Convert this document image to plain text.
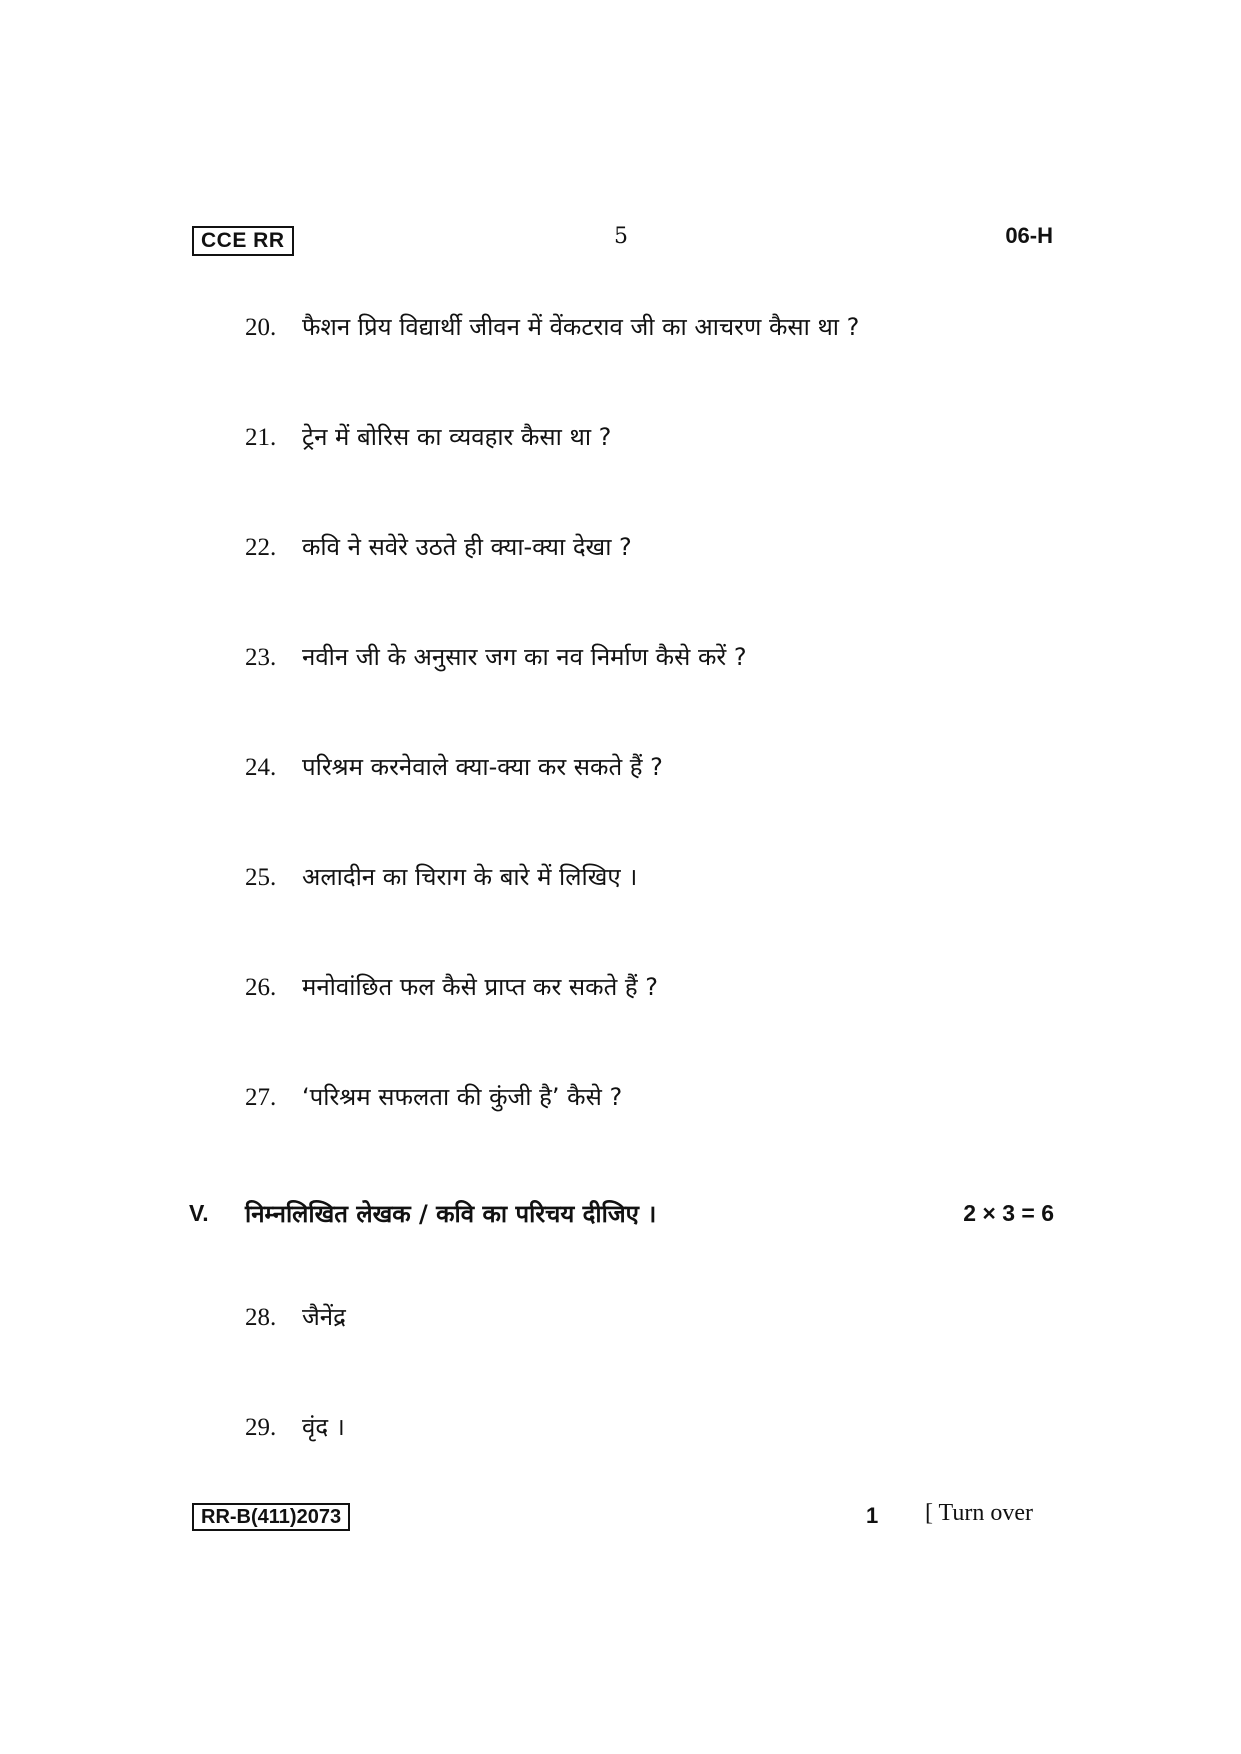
CCE RR	5	06-H
20. फैशन प्रिय विद्यार्थी जीवन में वेंकटराव जी का आचरण कैसा था ?
21. ट्रेन में बोरिस का व्यवहार कैसा था ?
22. कवि ने सवेरे उठते ही क्या-क्या देखा ?
23. नवीन जी के अनुसार जग का नव निर्माण कैसे करें ?
24. परिश्रम करनेवाले क्या-क्या कर सकते हैं ?
25. अलादीन का चिराग के बारे में लिखिए ।
26. मनोवांछित फल कैसे प्राप्त कर सकते हैं ?
27. ‘परिश्रम सफलता की कुंजी है’ कैसे ?
V. निम्नलिखित लेखक / कवि का परिचय दीजिए ।	2 × 3 = 6
28. जैनेंद्र
29. वृंद ।
RR-B(411)2073	1 [ Turn over
